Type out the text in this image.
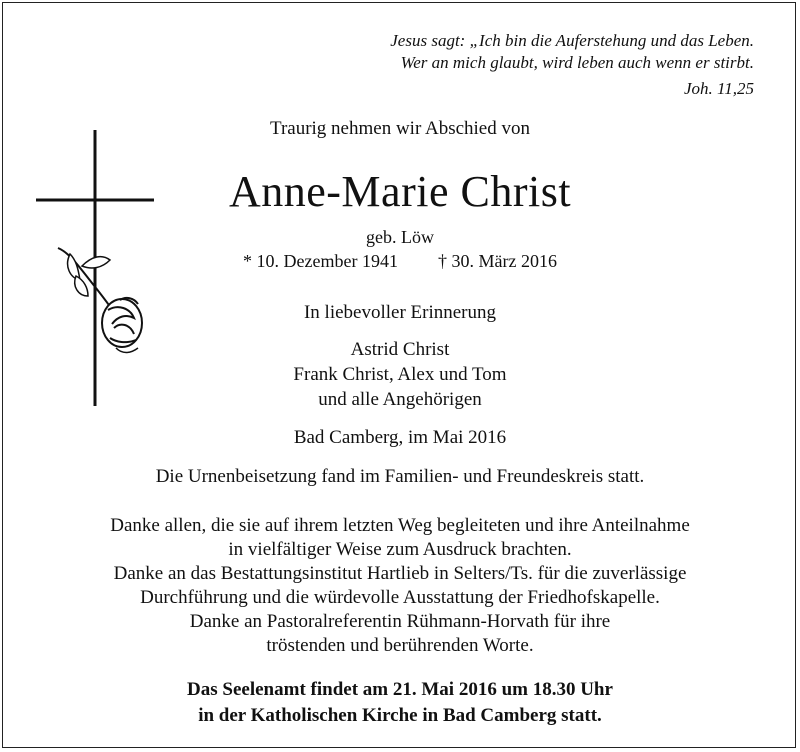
Jesus sagt: „Ich bin die Auferstehung und das Leben.
Wer an mich glaubt, wird leben auch wenn er stirbt.
Joh. 11,25
Traurig nehmen wir Abschied von
Anne-Marie Christ
geb. Löw
* 10. Dezember 1941 † 30. März 2016
In liebevoller Erinnerung
Astrid Christ
Frank Christ, Alex und Tom
und alle Angehörigen
Bad Camberg, im Mai 2016
Die Urnenbeisetzung fand im Familien- und Freundeskreis statt.
Danke allen, die sie auf ihrem letzten Weg begleiteten und ihre Anteilnahme
in vielfältiger Weise zum Ausdruck brachten.
Danke an das Bestattungsinstitut Hartlieb in Selters/Ts. für die zuverlässige
Durchführung und die würdevolle Ausstattung der Friedhofskapelle.
Danke an Pastoralreferentin Rühmann-Horvath für ihre
tröstenden und berührenden Worte.
Das Seelenamt findet am 21. Mai 2016 um 18.30 Uhr
in der Katholischen Kirche in Bad Camberg statt.
